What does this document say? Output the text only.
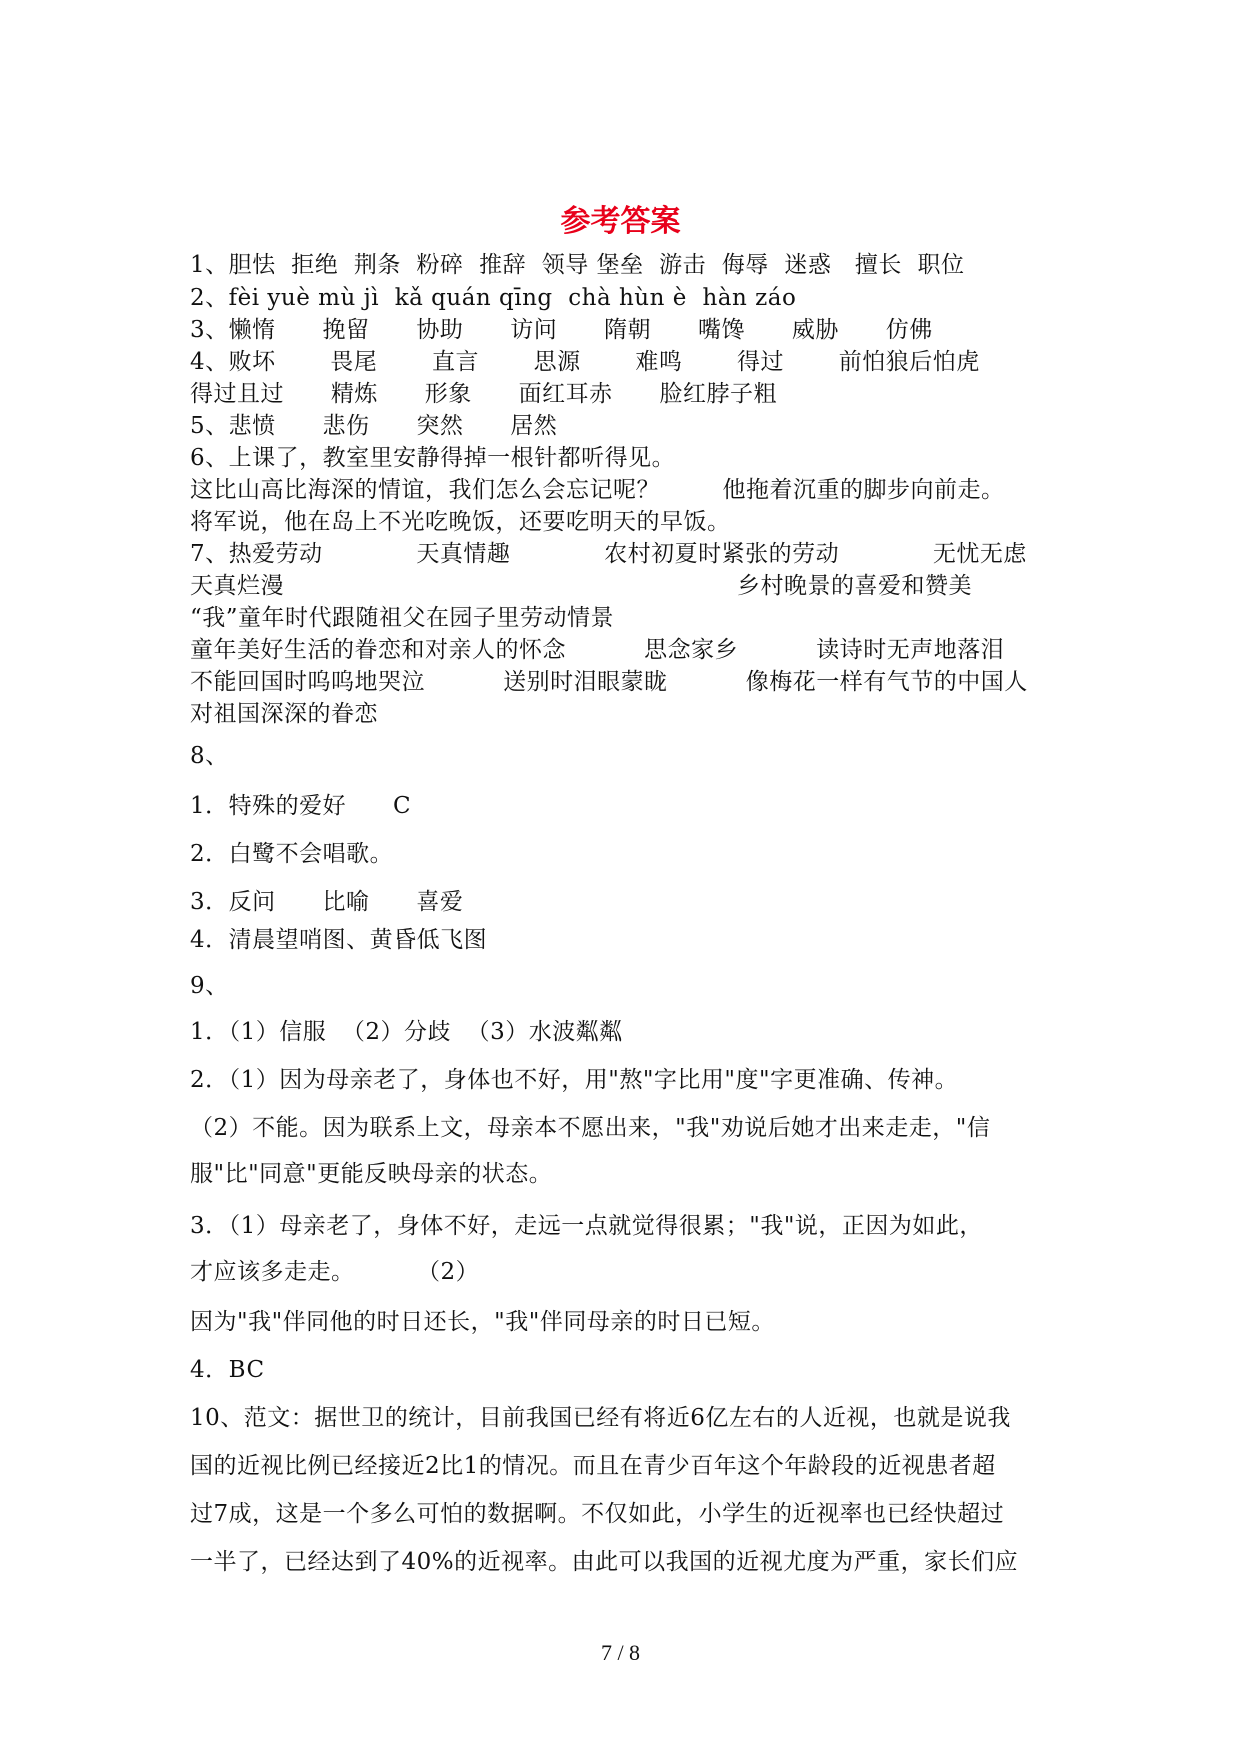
参考答案
1、胆怯  拒绝  荆条  粉碎  推辞  领导 堡垒  游击  侮辱  迷惑   擅长  职位
2、fèi yuè mù jì  kǎ quán qīng  chà hùn è  hàn záo
3、懒惰      挽留      协助      访问      隋朝      嘴馋      威胁      仿佛
4、败坏       畏尾       直言       思源       难鸣       得过       前怕狼后怕虎
得过且过      精炼      形象      面红耳赤      脸红脖子粗
5、悲愤      悲伤      突然      居然
6、上课了，教室里安静得掉一根针都听得见。
这比山高比海深的情谊，我们怎么会忘记呢？        他拖着沉重的脚步向前走。
将军说，他在岛上不光吃晚饭，还要吃明天的早饭。
7、热爱劳动            天真情趣            农村初夏时紧张的劳动            无忧无虑
天真烂漫                                                          乡村晚景的喜爱和赞美
“我”童年时代跟随祖父在园子里劳动情景
童年美好生活的眷恋和对亲人的怀念          思念家乡          读诗时无声地落泪
不能回国时呜呜地哭泣          送别时泪眼蒙眬          像梅花一样有气节的中国人
对祖国深深的眷恋
8、
1．特殊的爱好      C
2．白鹭不会唱歌。
3．反问      比喻      喜爱
4．清晨望哨图、黄昏低飞图
9、
1．（1）信服  （2）分歧  （3）水波粼粼
2．（1）因为母亲老了，身体也不好，用"熬"字比用"度"字更准确、传神。
（2）不能。因为联系上文，母亲本不愿出来，"我"劝说后她才出来走走，"信
服"比"同意"更能反映母亲的状态。
3．（1）母亲老了，身体不好，走远一点就觉得很累；"我"说，正因为如此，
才应该多走走。        （2）
因为"我"伴同他的时日还长，"我"伴同母亲的时日已短。
4．BC
10、范文：据世卫的统计，目前我国已经有将近6亿左右的人近视，也就是说我
国的近视比例已经接近2比1的情况。而且在青少百年这个年龄段的近视患者超
过7成，这是一个多么可怕的数据啊。不仅如此，小学生的近视率也已经快超过
一半了，已经达到了40%的近视率。由此可以我国的近视尤度为严重，家长们应
7 / 8
